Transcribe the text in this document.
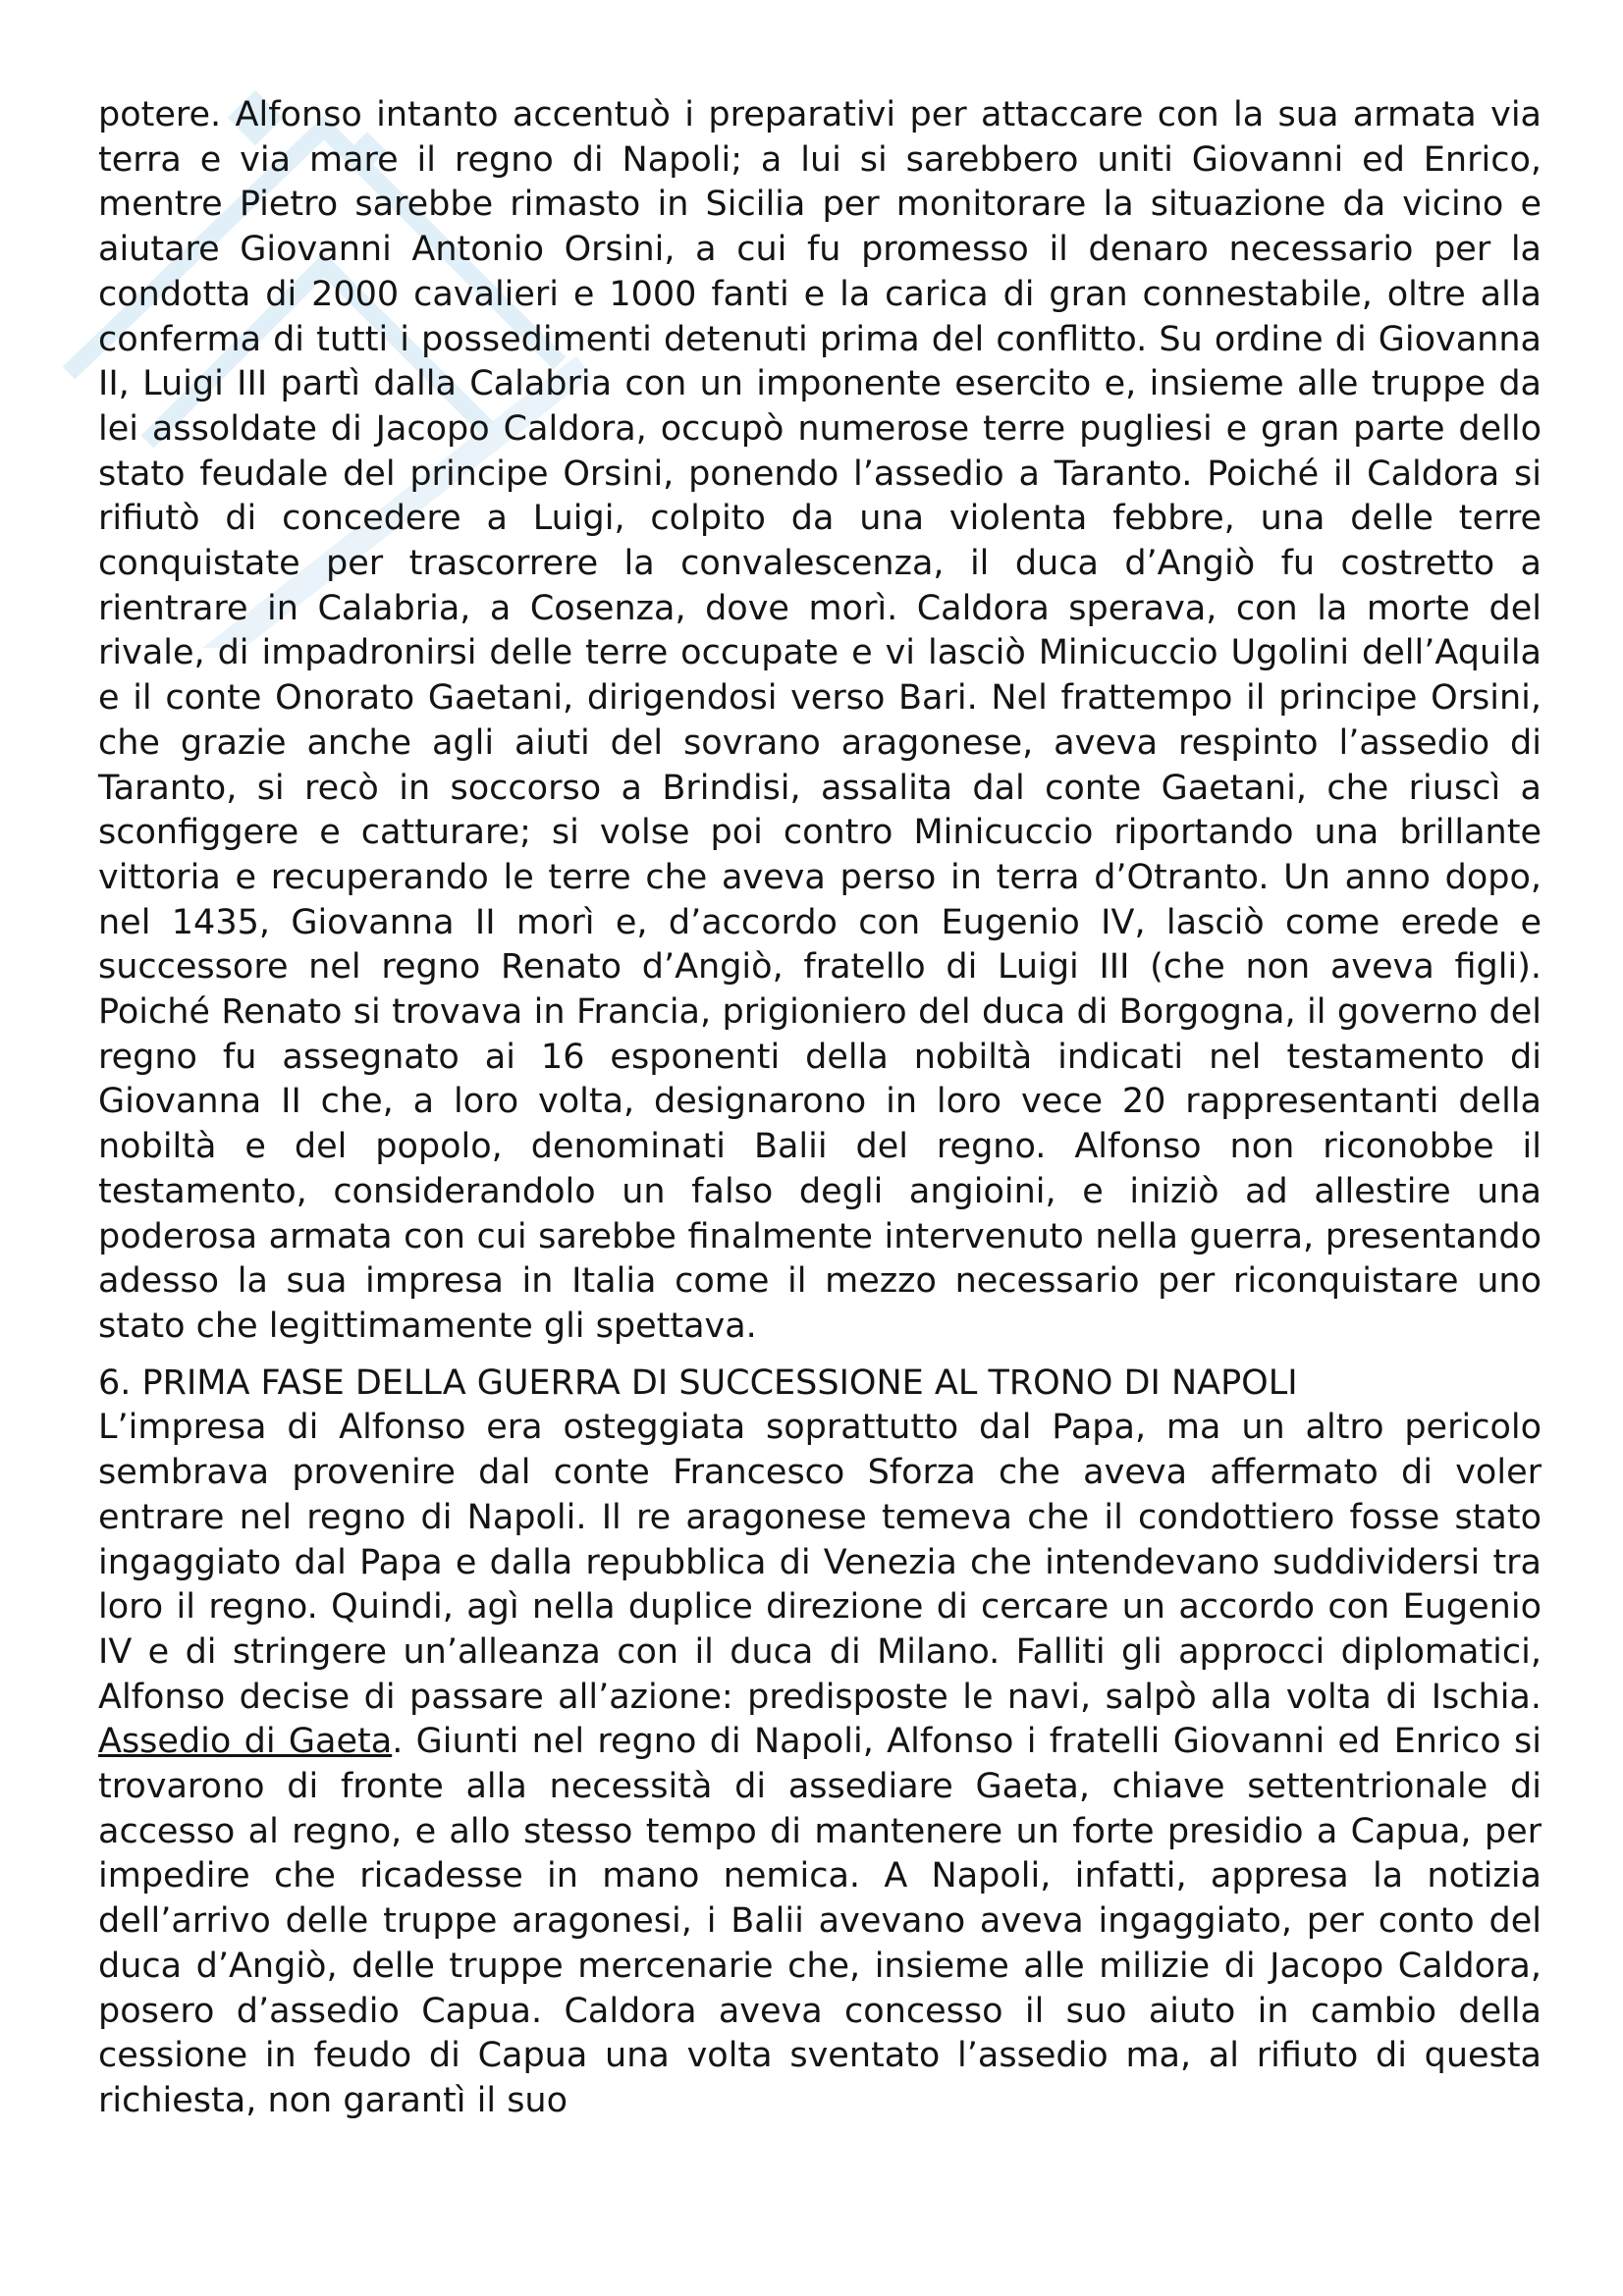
potere. Alfonso intanto accentuò i preparativi per attaccare con la sua armata via terra e via mare il regno di Napoli; a lui si sarebbero uniti Giovanni ed Enrico, mentre Pietro sarebbe rimasto in Sicilia per monitorare la situazione da vicino e aiutare Giovanni Antonio Orsini, a cui fu promesso il denaro necessario per la condotta di 2000 cavalieri e 1000 fanti e la carica di gran connestabile, oltre alla conferma di tutti i possedimenti detenuti prima del conflitto. Su ordine di Giovanna II, Luigi III partì dalla Calabria con un imponente esercito e, insieme alle truppe da lei assoldate di Jacopo Caldora, occupò numerose terre pugliesi e gran parte dello stato feudale del principe Orsini, ponendo l’assedio a Taranto. Poiché il Caldora si rifiutò di concedere a Luigi, colpito da una violenta febbre, una delle terre conquistate per trascorrere la convalescenza, il duca d’Angiò fu costretto a rientrare in Calabria, a Cosenza, dove morì. Caldora sperava, con la morte del rivale, di impadronirsi delle terre occupate e vi lasciò Minicuccio Ugolini dell’Aquila e il conte Onorato Gaetani, dirigendosi verso Bari. Nel frattempo il principe Orsini, che grazie anche agli aiuti del sovrano aragonese, aveva respinto l’assedio di Taranto, si recò in soccorso a Brindisi, assalita dal conte Gaetani, che riuscì a sconfiggere e catturare; si volse poi contro Minicuccio riportando una brillante vittoria e recuperando le terre che aveva perso in terra d’Otranto. Un anno dopo, nel 1435, Giovanna II morì e, d’accordo con Eugenio IV, lasciò come erede e successore nel regno Renato d’Angiò, fratello di Luigi III (che non aveva figli). Poiché Renato si trovava in Francia, prigioniero del duca di Borgogna, il governo del regno fu assegnato ai 16 esponenti della nobiltà indicati nel testamento di Giovanna II che, a loro volta, designarono in loro vece 20 rappresentanti della nobiltà e del popolo, denominati Balii del regno. Alfonso non riconobbe il testamento, considerandolo un falso degli angioini, e iniziò ad allestire una poderosa armata con cui sarebbe finalmente intervenuto nella guerra, presentando adesso la sua impresa in Italia come il mezzo necessario per riconquistare uno stato che legittimamente gli spettava.

6. PRIMA FASE DELLA GUERRA DI SUCCESSIONE AL TRONO DI NAPOLI

L’impresa di Alfonso era osteggiata soprattutto dal Papa, ma un altro pericolo sembrava provenire dal conte Francesco Sforza che aveva affermato di voler entrare nel regno di Napoli. Il re aragonese temeva che il condottiero fosse stato ingaggiato dal Papa e dalla repubblica di Venezia che intendevano suddividersi tra loro il regno. Quindi, agì nella duplice direzione di cercare un accordo con Eugenio IV e di stringere un’alleanza con il duca di Milano. Falliti gli approcci diplomatici, Alfonso decise di passare all’azione: predisposte le navi, salpò alla volta di Ischia. Assedio di Gaeta. Giunti nel regno di Napoli, Alfonso i fratelli Giovanni ed Enrico si trovarono di fronte alla necessità di assediare Gaeta, chiave settentrionale di accesso al regno, e allo stesso tempo di mantenere un forte presidio a Capua, per impedire che ricadesse in mano nemica. A Napoli, infatti, appresa la notizia dell’arrivo delle truppe aragonesi, i Balii avevano aveva ingaggiato, per conto del duca d’Angiò, delle truppe mercenarie che, insieme alle milizie di Jacopo Caldora, posero d’assedio Capua. Caldora aveva concesso il suo aiuto in cambio della cessione in feudo di Capua una volta sventato l’assedio ma, al rifiuto di questa richiesta, non garantì il suo
